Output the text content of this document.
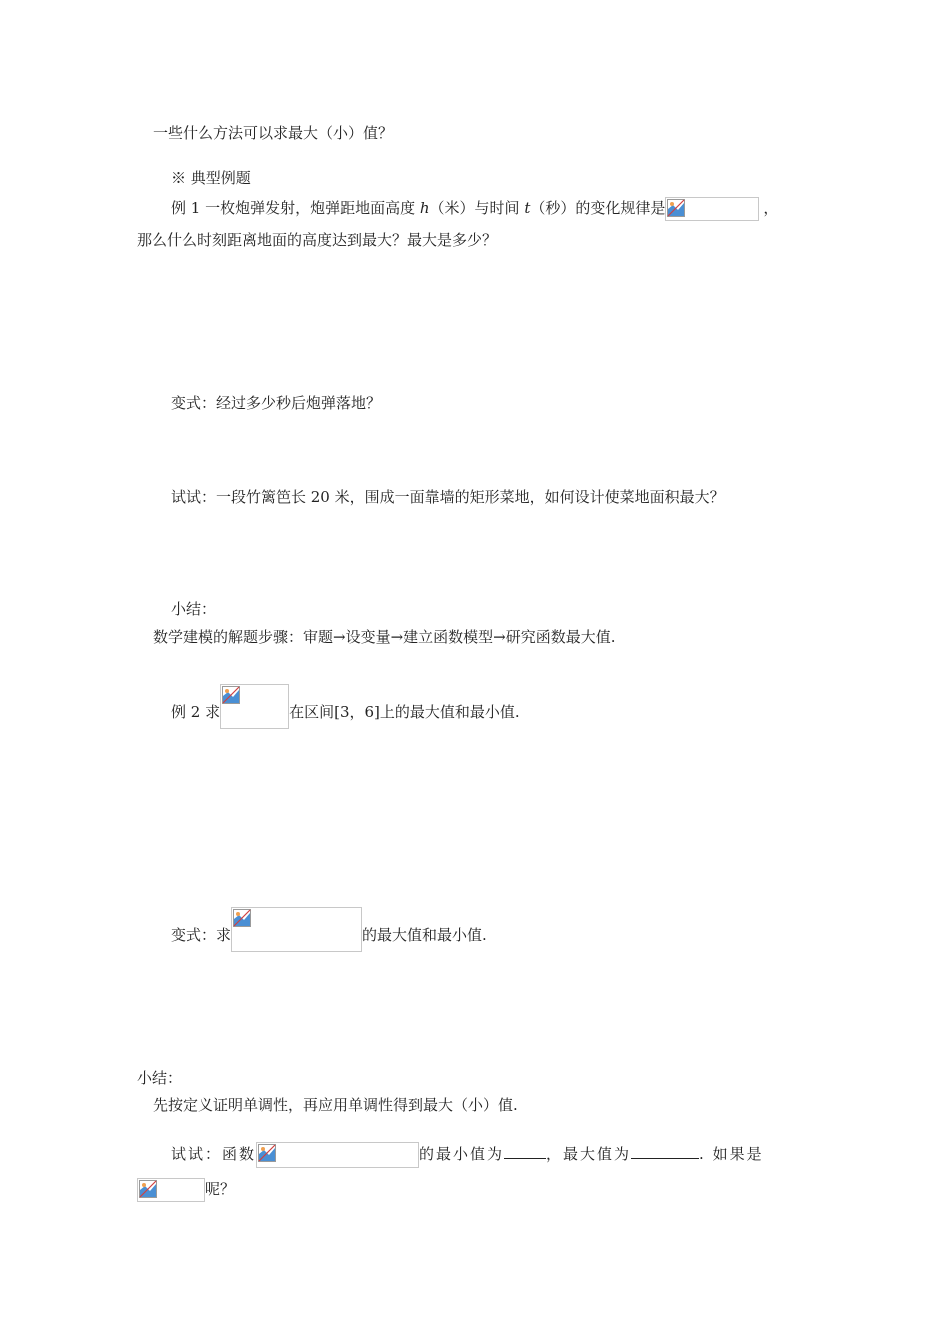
一些什么方法可以求最大（小）值？
※ 典型例题
例 1 一枚炮弹发射，炮弹距地面高度 h（米）与时间 t（秒）的变化规律是	，
那么什么时刻距离地面的高度达到最大？最大是多少？
变式：经过多少秒后炮弹落地？
试试：一段竹篱笆长 20 米，围成一面靠墙的矩形菜地，如何设计使菜地面积最大？
小结：
数学建模的解题步骤：审题→设变量→建立函数模型→研究函数最大值.
例 2 求	在区间[3，6]上的最大值和最小值.
变式：求	的最大值和最小值.
小结：
先按定义证明单调性，再应用单调性得到最大（小）值.
试试：函数	的最小值为	，最大值为	. 如果是
呢？
